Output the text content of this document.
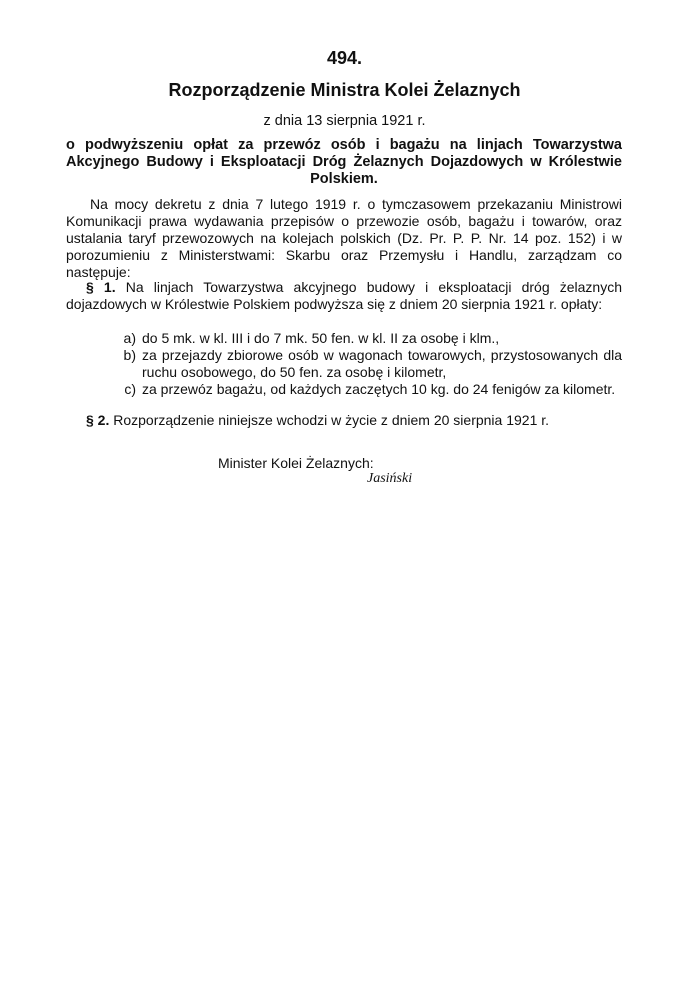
494.
Rozporządzenie Ministra Kolei Żelaznych
z dnia 13 sierpnia 1921 r.
o podwyższeniu opłat za przewóz osób i bagażu na linjach Towarzystwa Akcyjnego Budowy i Eksploatacji Dróg Żelaznych Dojazdowych w Królestwie Polskiem.
Na mocy dekretu z dnia 7 lutego 1919 r. o tymczasowem przekazaniu Ministrowi Komunikacji prawa wydawania przepisów o przewozie osób, bagażu i towarów, oraz ustalania taryf przewozowych na kolejach polskich (Dz. Pr. P. P. Nr. 14 poz. 152) i w porozumieniu z Ministerstwami: Skarbu oraz Przemysłu i Handlu, zarządzam co następuje:
§ 1. Na linjach Towarzystwa akcyjnego budowy i eksploatacji dróg żelaznych dojazdowych w Królestwie Polskiem podwyższa się z dniem 20 sierpnia 1921 r. opłaty:
a) do 5 mk. w kl. III i do 7 mk. 50 fen. w kl. II za osobę i klm.,
b) za przejazdy zbiorowe osób w wagonach towarowych, przystosowanych dla ruchu osobowego, do 50 fen. za osobę i kilometr,
c) za przewóz bagażu, od każdych zaczętych 10 kg. do 24 fenigów za kilometr.
§ 2. Rozporządzenie niniejsze wchodzi w życie z dniem 20 sierpnia 1921 r.
Minister Kolei Żelaznych:
Jasiński
